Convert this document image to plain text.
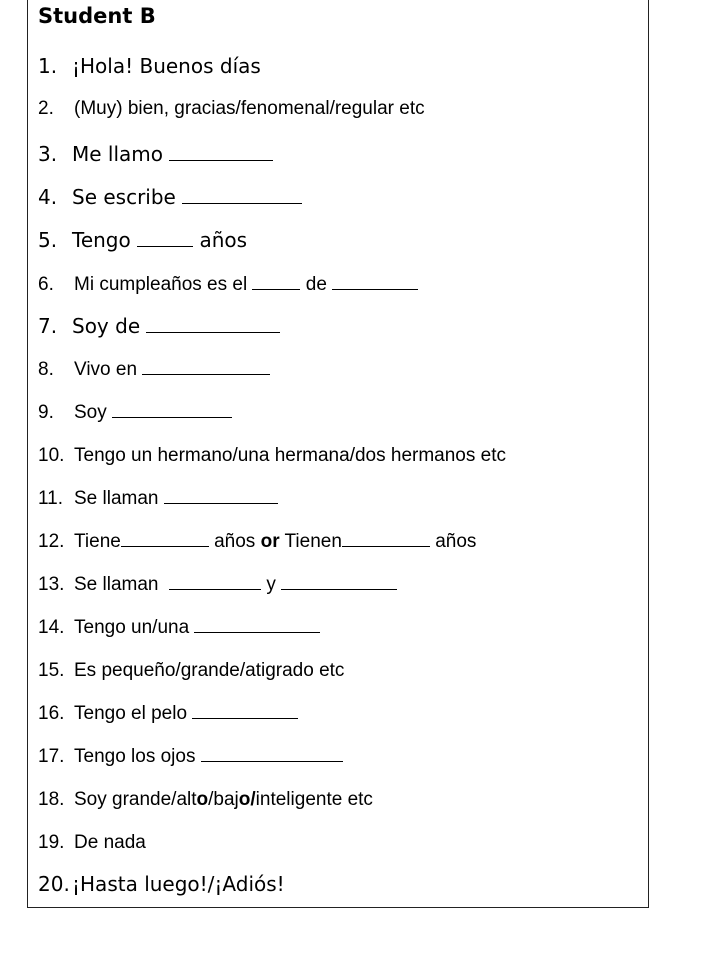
Student B
1. ¡Hola! Buenos días
2. (Muy) bien, gracias/fenomenal/regular etc
3. Me llamo
4. Se escribe
5. Tengo	años
6. Mi cumpleaños es el	de
7. Soy de
8. Vivo en
9. Soy
10. Tengo un hermano/una hermana/dos hermanos etc
11. Se llaman
12. Tiene	años or Tienen	años
13. Se llaman	y
14. Tengo un/una
15. Es pequeño/grande/atigrado etc
16. Tengo el pelo
17. Tengo los ojos
18. Soy grande/alto/bajo/inteligente etc
19. De nada
20. ¡Hasta luego!/¡Adiós!
